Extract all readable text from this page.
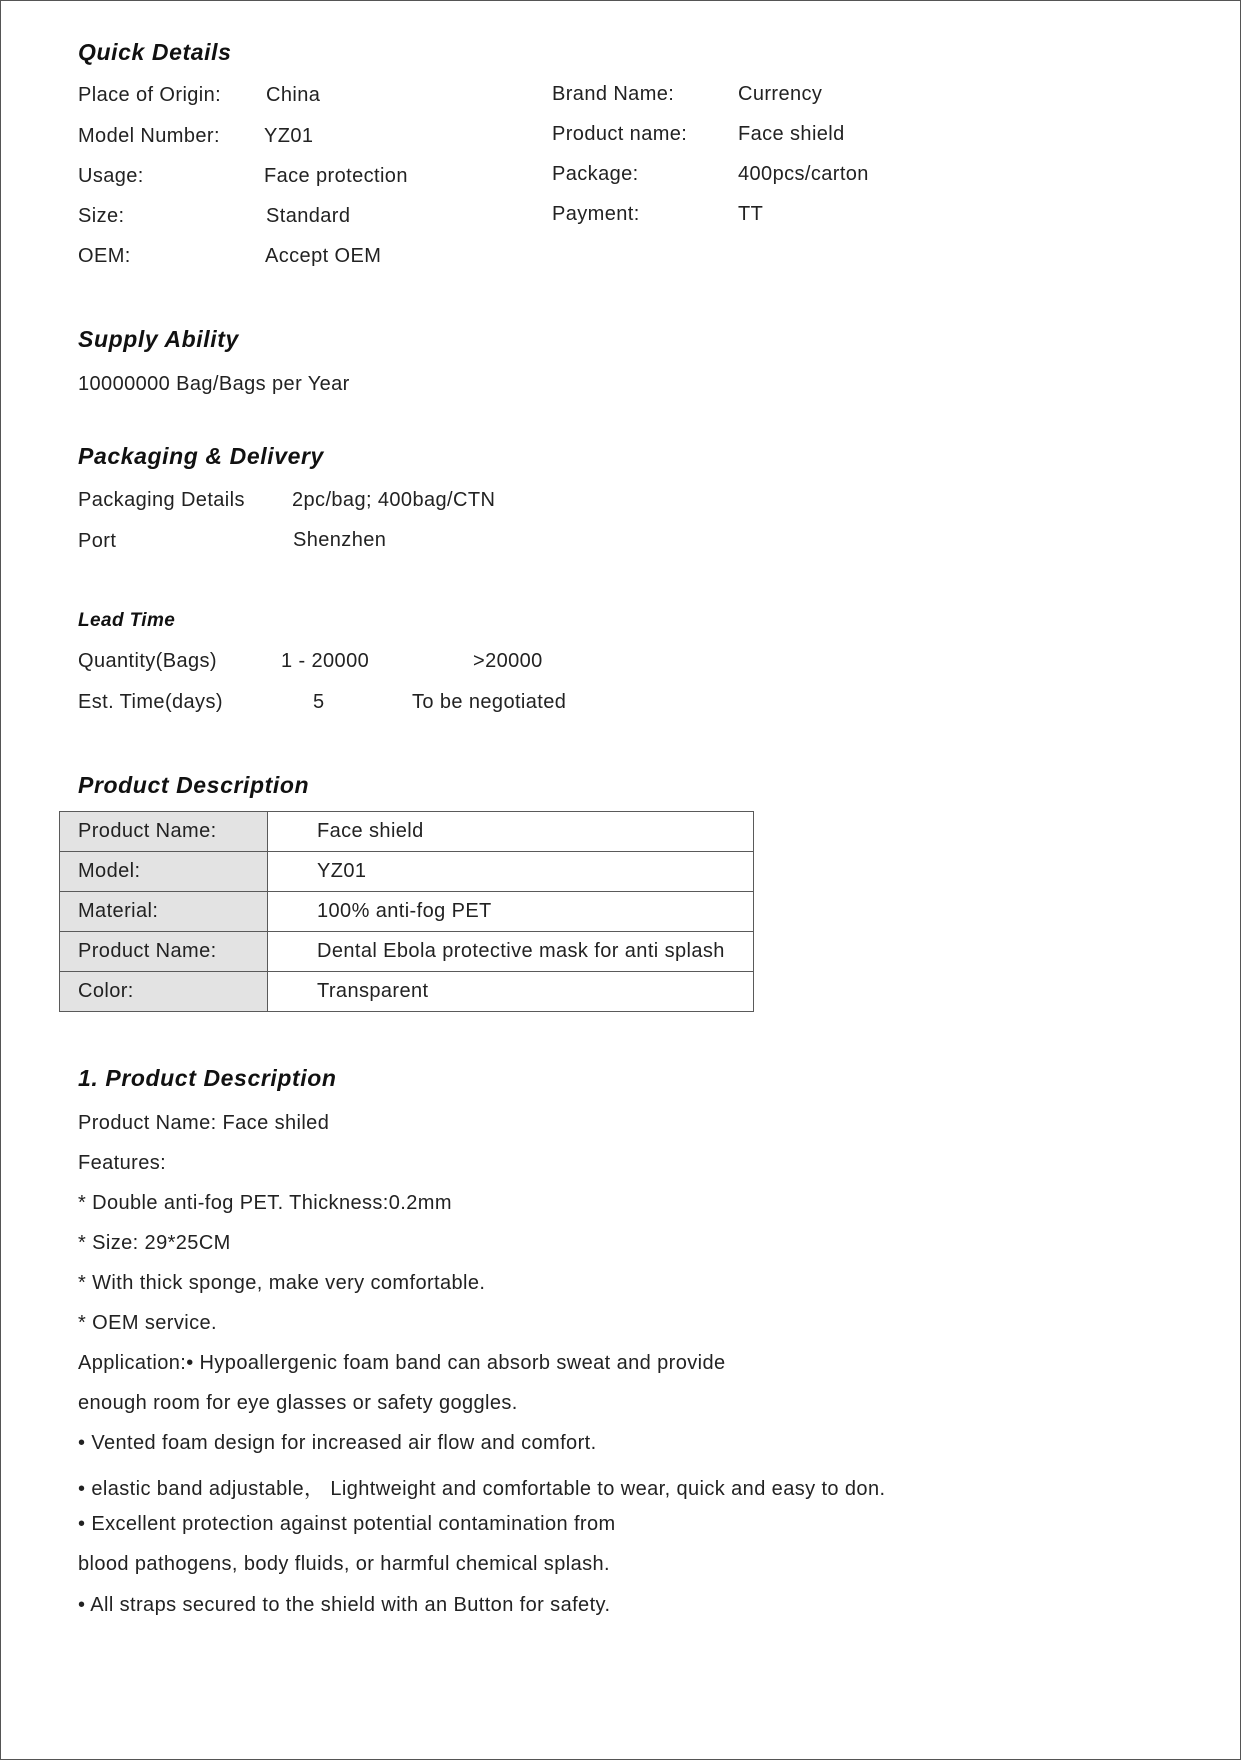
Quick Details
Place of Origin: China
Model Number: YZ01
Usage:	Face protection
Size:	Standard
OEM:	Accept OEM
Brand Name:	Currency
Product name:	Face shield
Package:	400pcs/carton
Payment:	TT
Supply Ability
10000000 Bag/Bags per Year
Packaging & Delivery
Packaging Details 2pc/bag; 400bag/CTN
Port	Shenzhen
Lead Time
Quantity(Bags)	1 - 20000	>20000
Est. Time(days)	5	To be negotiated
Product Description
Product Name:	Face shield
Model:	YZ01
Material:	100% anti-fog PET
Product Name:	Dental Ebola protective mask for anti splash
Color:	Transparent
1. Product Description
Product Name: Face shiled
Features:
* Double anti-fog PET. Thickness:0.2mm
* Size: 29*25CM
* With thick sponge, make very comfortable.
* OEM service.
Application:• Hypoallergenic foam band can absorb sweat and provide
enough room for eye glasses or safety goggles.
• Vented foam design for increased air flow and comfort.
• elastic band adjustable， Lightweight and comfortable to wear, quick and easy to don.
• Excellent protection against potential contamination from
blood pathogens, body fluids, or harmful chemical splash.
• All straps secured to the shield with an Button for safety.
